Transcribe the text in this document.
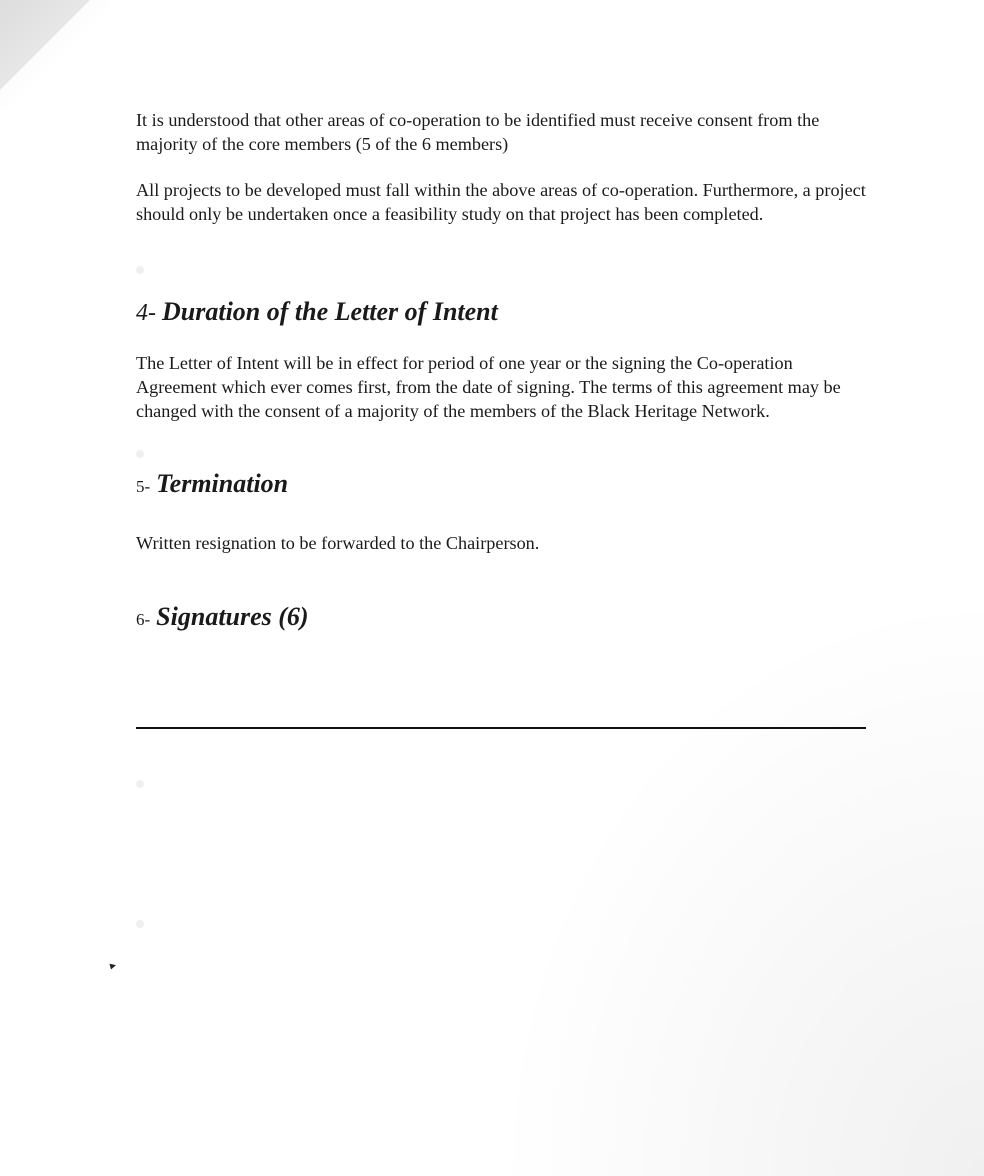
It is understood that other areas of co-operation to be identified must receive consent from the majority of the core members (5 of the 6 members)

All projects to be developed must fall within the above areas of co-operation. Furthermore, a project should only be undertaken once a feasibility study on that project has been completed.

4- Duration of the Letter of Intent

The Letter of Intent will be in effect for period of one year or the signing the Co-operation Agreement which ever comes first, from the date of signing. The terms of this agreement may be changed with the consent of a majority of the members of the Black Heritage Network.

5- Termination

Written resignation to be forwarded to the Chairperson.

6- Signatures (6)
▸
